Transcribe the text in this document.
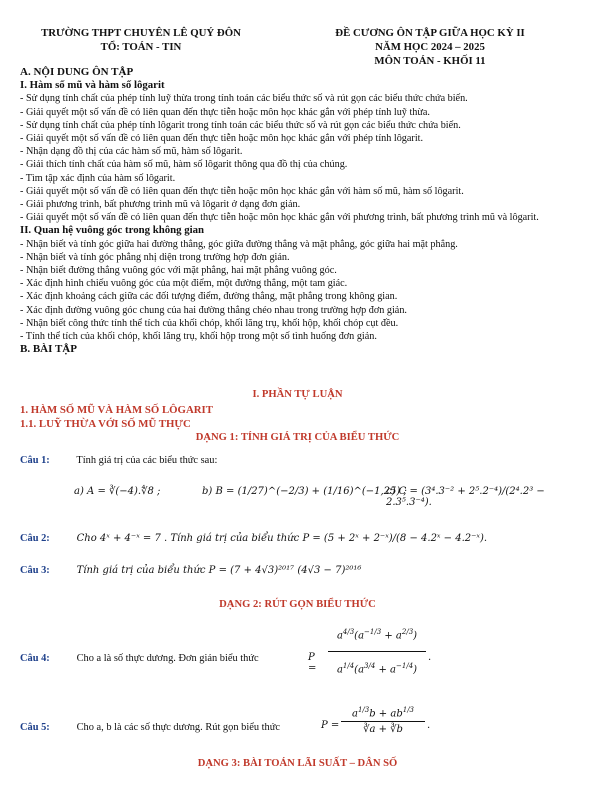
TRƯỜNG THPT CHUYÊN LÊ QUÝ ĐÔN
TỔ: TOÁN - TIN
ĐỀ CƯƠNG ÔN TẬP GIỮA HỌC KỲ II
NĂM HỌC 2024 – 2025
MÔN TOÁN - KHỐI 11
A. NỘI DUNG ÔN TẬP
I. Hàm số mũ và hàm số lôgarit
- Sử dụng tính chất của phép tính luỹ thừa trong tính toán các biểu thức số và rút gọn các biểu thức chứa biến.
- Giải quyết một số vấn đề có liên quan đến thực tiễn hoặc môn học khác gắn với phép tính luỹ thừa.
- Sử dụng tính chất của phép tính lôgarit trong tính toán các biểu thức số và rút gọn các biểu thức chứa biến.
- Giải quyết một số vấn đề có liên quan đến thực tiễn hoặc môn học khác gắn với phép tính lôgarit.
- Nhận dạng đồ thị của các hàm số mũ, hàm số lôgarit.
- Giải thích tính chất của hàm số mũ, hàm số lôgarit thông qua đồ thị của chúng.
- Tìm tập xác định của hàm số lôgarit.
- Giải quyết một số vấn đề có liên quan đến thực tiễn hoặc môn học khác gắn với hàm số mũ, hàm số lôgarit.
- Giải phương trình, bất phương trình mũ và lôgarit ở dạng đơn giản.
- Giải quyết một số vấn đề có liên quan đến thực tiễn hoặc môn học khác gắn với phương trình, bất phương trình mũ và lôgarit.
II. Quan hệ vuông góc trong không gian
- Nhận biết và tính góc giữa hai đường thẳng, góc giữa đường thẳng và mặt phẳng, góc giữa hai mặt phẳng.
- Nhận biết và tính góc phẳng nhị diện trong trường hợp đơn giản.
- Nhận biết đường thẳng vuông góc với mặt phẳng, hai mặt phẳng vuông góc.
- Xác định hình chiếu vuông góc của một điểm, một đường thẳng, một tam giác.
- Xác định khoảng cách giữa các đối tượng điểm, đường thẳng, mặt phẳng trong không gian.
- Xác định đường vuông góc chung của hai đường thẳng chéo nhau trong trường hợp đơn giản.
- Nhận biết công thức tính thể tích của khối chóp, khối lăng trụ, khối hộp, khối chóp cụt đều.
- Tính thể tích của khối chóp, khối lăng trụ, khối hộp trong một số tình huống đơn giản.
B. BÀI TẬP
I. PHẦN TỰ LUẬN
1. HÀM SỐ MŨ VÀ HÀM SỐ LÔGARIT
1.1. LUỸ THỪA VỚI SỐ MŨ THỰC
DẠNG 1: TÍNH GIÁ TRỊ CỦA BIỂU THỨC
Câu 1:	Tính giá trị của các biểu thức sau:
a) A = ∛(−4).∜8 ;	b) B = (1/27)^(−2/3) + (1/16)^(−1,25) ;
c) C = (3⁴.3⁻² + 2⁵.2⁻⁴)/(2⁴.2³ − 2.3⁵.3⁻⁴).
Câu 2:	Cho 4ˣ + 4⁻ˣ = 7 . Tính giá trị của biểu thức P = (5 + 2ˣ + 2⁻ˣ)/(8 − 4.2ˣ − 4.2⁻ˣ).
Câu 3:	Tính giá trị của biểu thức P = (7 + 4√3)²⁰¹⁷ (4√3 − 7)²⁰¹⁶
DẠNG 2: RÚT GỌN BIỂU THỨC
Câu 4:	Cho a là số thực dương. Đơn giản biểu thức	P =
$a^{4/3}(a^{-1/3} + a^{2/3})$
$a^{1/4}(a^{3/4} + a^{-1/4})$
.
Câu 5:	Cho a, b là các số thực dương. Rút gọn biểu thức	P =
$a^{1/3}b + ab^{1/3}$
∛a + ∛b	.
DẠNG 3: BÀI TOÁN LÃI SUẤT – DÂN SỐ
